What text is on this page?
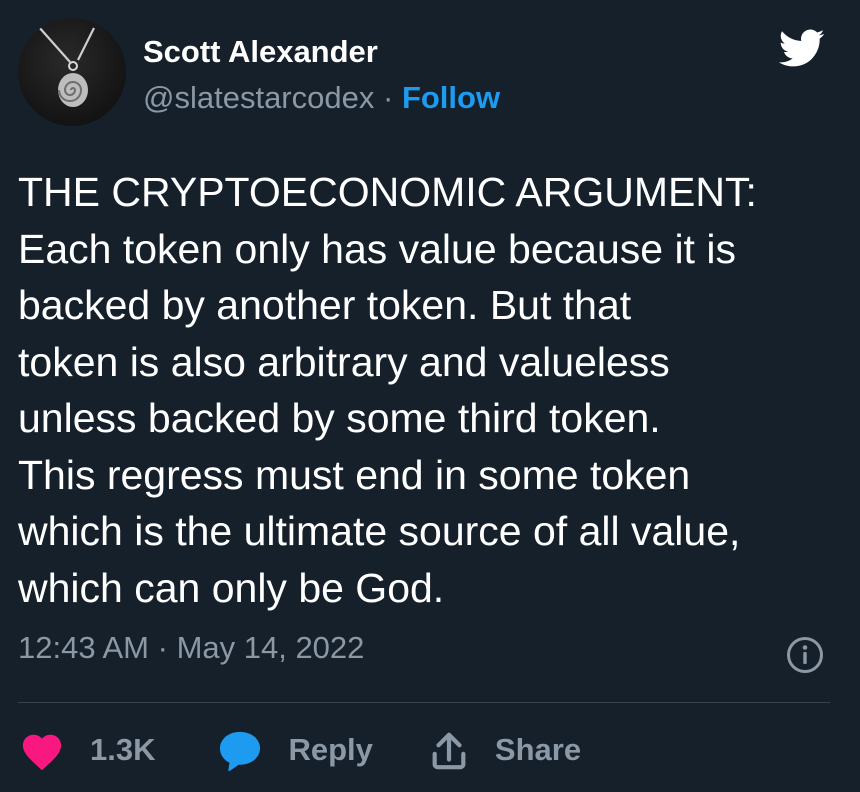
Scott Alexander
@slatestarcodex · Follow
THE CRYPTOECONOMIC ARGUMENT:
Each token only has value because it is
backed by another token. But that
token is also arbitrary and valueless
unless backed by some third token.
This regress must end in some token
which is the ultimate source of all value,
which can only be God.
12:43 AM · May 14, 2022
1.3K	Reply	Share
